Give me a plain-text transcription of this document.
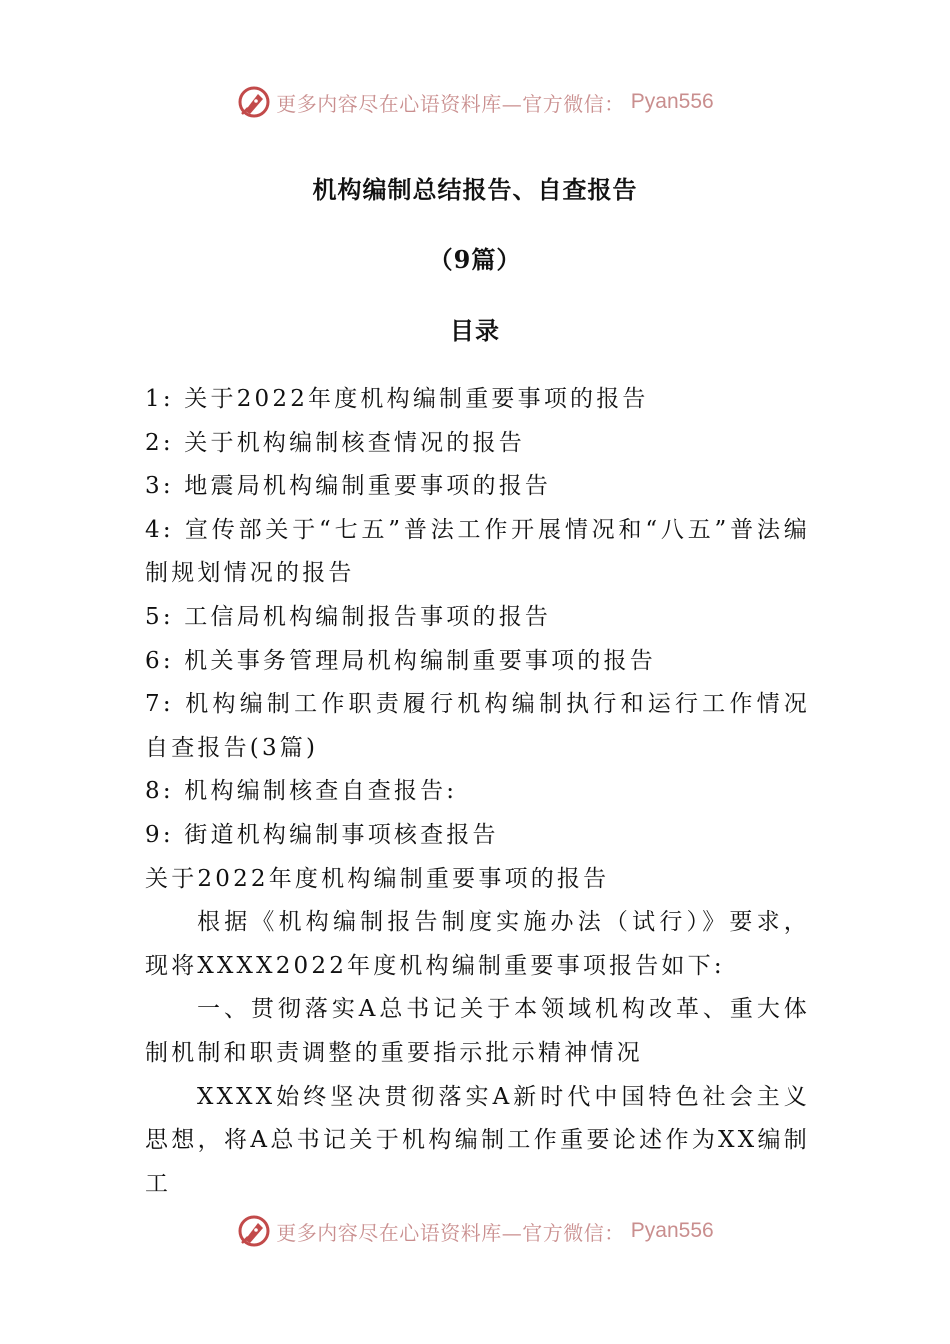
更多内容尽在心语资料库—官方微信： Pyan556
机构编制总结报告、自查报告
（9篇）
目录

1: 关于2022年度机构编制重要事项的报告

2: 关于机构编制核查情况的报告

3: 地震局机构编制重要事项的报告

4: 宣传部关于“七五”普法工作开展情况和“八五”普法编制规划情况的报告

5: 工信局机构编制报告事项的报告

6: 机关事务管理局机构编制重要事项的报告

7: 机构编制工作职责履行机构编制执行和运行工作情况自查报告(3篇)

8: 机构编制核查自查报告:

9: 街道机构编制事项核查报告

关于2022年度机构编制重要事项的报告

根据《机构编制报告制度实施办法（试行）》要求，现将XXXX2022年度机构编制重要事项报告如下:

一、贯彻落实A总书记关于本领域机构改革、重大体制机制和职责调整的重要指示批示精神情况

XXXX始终坚决贯彻落实A新时代中国特色社会主义思想，将A总书记关于机构编制工作重要论述作为XX编制工

更多内容尽在心语资料库—官方微信： Pyan556
